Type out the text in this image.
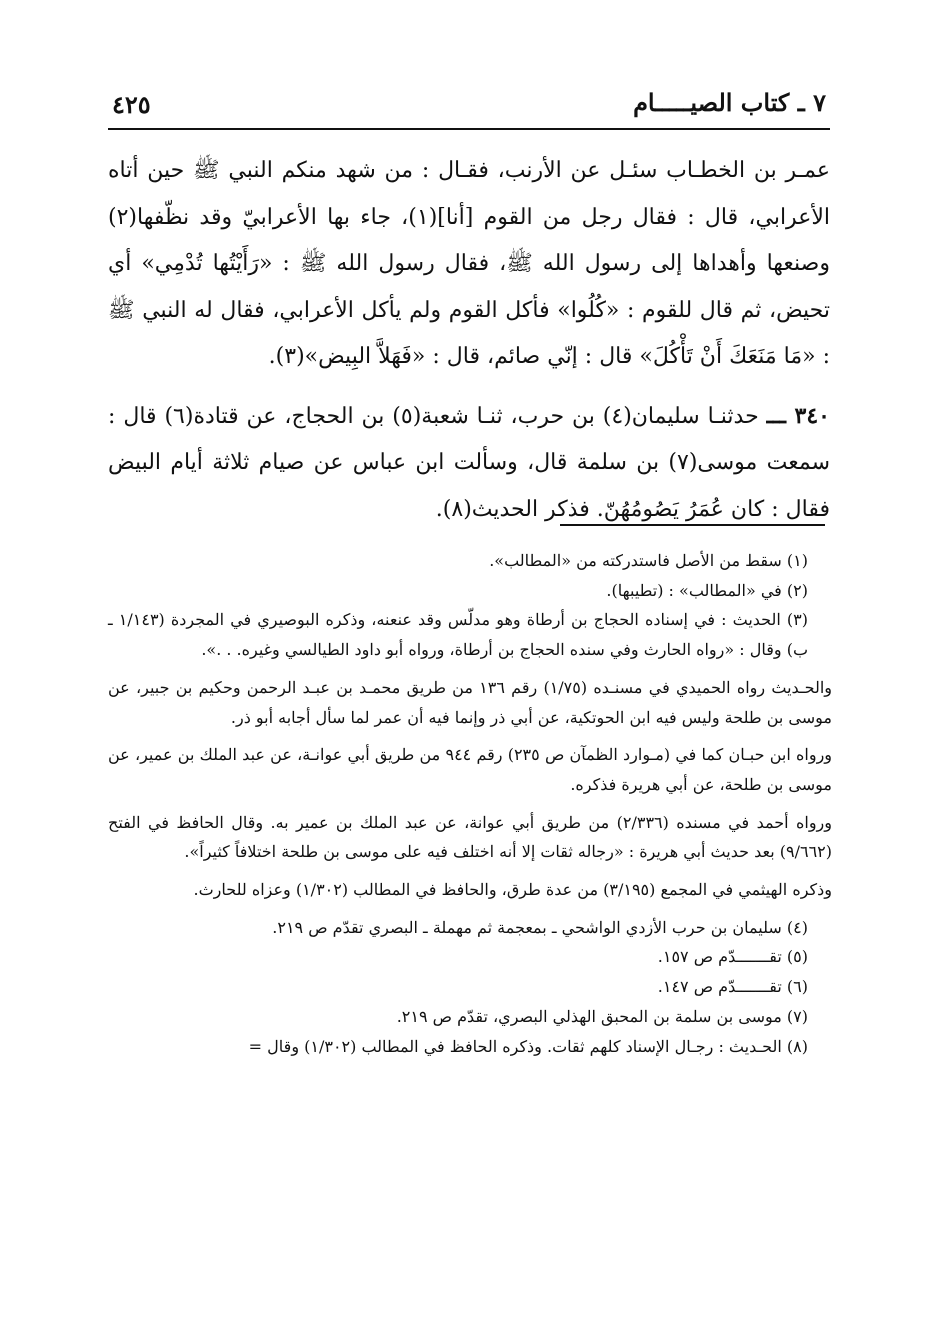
٤٢٥	٧ ـ كتاب الصيـــــام

عمـر بن الخطـاب سئـل عن الأرنب، فقـال : من شهد منكم النبي ﷺ حين أتاه الأعرابي، قال : فقال رجل من القوم [أنا](١)، جاء بها الأعرابيّ وقد نظّفها(٢) وصنعها وأهداها إلى رسول الله ﷺ، فقال رسول الله ﷺ : «رَأَيْتُها تُدْمِي» أي تحيض، ثم قال للقوم : «كُلُوا» فأكل القوم ولم يأكل الأعرابي، فقال له النبي ﷺ : «مَا مَنَعَكَ أَنْ تَأْكُلَ» قال : إنّي صائم، قال : «فَهَلاَّ البِيض»(٣).

٣٤٠ ـــ حدثنـا سليمان(٤) بن حرب، ثنـا شعبة(٥) بن الحجاج، عن قتادة(٦) قال : سمعت موسى(٧) بن سلمة قال، وسألت ابن عباس عن صيام ثلاثة أيام البيض فقال : كان عُمَرُ يَصُومُهُنّ. فذكر الحديث(٨).

(١) سقط من الأصل فاستدركته من «المطالب».

(٢) في «المطالب» : (تطيبها).

(٣) الحديث : في إسناده الحجاج بن أرطاة وهو مدلّس وقد عنعنه، وذكره البوصيري في المجردة (١/١٤٣ ـ ب) وقال : «رواه الحارث وفي سنده الحجاج بن أرطاة، ورواه أبو داود الطيالسي وغيره. . .».

والحـديث رواه الحميدي في مسنـده (١/٧٥) رقم ١٣٦ من طريق محمـد بن عبـد الرحمن وحكيم بن جبير، عن موسى بن طلحة وليس فيه ابن الحوتكية، عن أبي ذر وإنما فيه أن عمر لما سأل أجابه أبو ذر.

ورواه ابن حبـان كما في (مـوارد الظمآن ص ٢٣٥) رقم ٩٤٤ من طريق أبي عوانـة، عن عبد الملك بن عمير، عن موسى بن طلحة، عن أبي هريرة فذكره.

ورواه أحمد في مسنده (٢/٣٣٦) من طريق أبي عوانة، عن عبد الملك بن عمير به. وقال الحافظ في الفتح (٩/٦٦٢) بعد حديث أبي هريرة : «رجاله ثقات إلا أنه اختلف فيه على موسى بن طلحة اختلافاً كثيراً».

وذكره الهيثمي في المجمع (٣/١٩٥) من عدة طرق، والحافظ في المطالب (١/٣٠٢) وعزاه للحارث.

(٤) سليمان بن حرب الأزدي الواشحي ـ بمعجمة ثم مهملة ـ البصري تقدّم ص ٢١٩.

(٥) تقـــــــدّم ص ١٥٧.

(٦) تقـــــــدّم ص ١٤٧.

(٧) موسى بن سلمة بن المحبق الهذلي البصري، تقدّم ص ٢١٩.

(٨) الحـديث : رجـال الإسناد كلهم ثقات. وذكره الحافظ في المطالب (١/٣٠٢) وقال =
